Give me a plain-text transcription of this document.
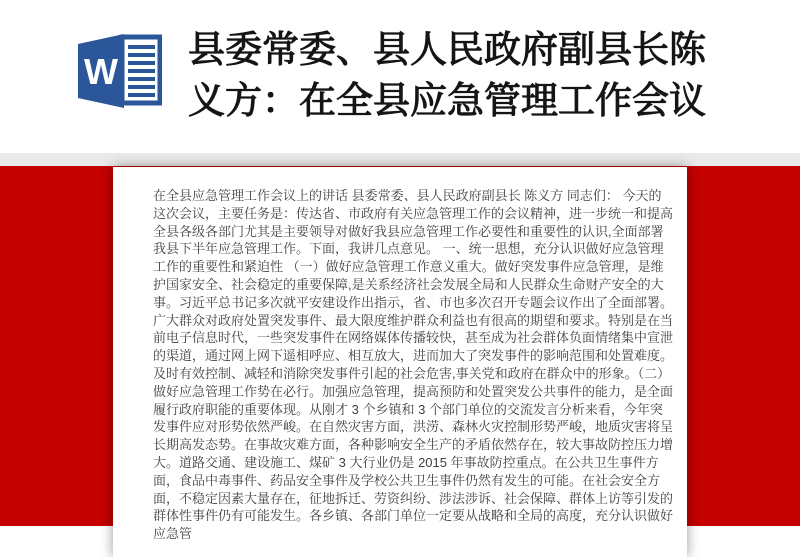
W
县委常委、县人民政府副县长陈
义方：在全县应急管理工作会议
在全县应急管理工作会议上的讲话 县委常委、县人民政府副县长 陈义方 同志们： 今天的这次会议，主要任务是：传达省、市政府有关应急管理工作的会议精神，进一步统一和提高全县各级各部门尤其是主要领导对做好我县应急管理工作必要性和重要性的认识,全面部署我县下半年应急管理工作。下面，我讲几点意见。 一、统一思想，充分认识做好应急管理工作的重要性和紧迫性 （一）做好应急管理工作意义重大。做好突发事件应急管理，是维护国家安全、社会稳定的重要保障,是关系经济社会发展全局和人民群众生命财产安全的大事。习近平总书记多次就平安建设作出指示，省、市也多次召开专题会议作出了全面部署。广大群众对政府处置突发事件、最大限度维护群众利益也有很高的期望和要求。特别是在当前电子信息时代，一些突发事件在网络媒体传播较快，甚至成为社会群体负面情绪集中宣泄的渠道，通过网上网下遥相呼应、相互放大，进而加大了突发事件的影响范围和处置难度。及时有效控制、减轻和消除突发事件引起的社会危害,事关党和政府在群众中的形象。（二）做好应急管理工作势在必行。加强应急管理，提高预防和处置突发公共事件的能力，是全面履行政府职能的重要体现。从刚才 3 个乡镇和 3 个部门单位的交流发言分析来看，今年突发事件应对形势依然严峻。在自然灾害方面，洪涝、森林火灾控制形势严峻，地质灾害将呈长期高发态势。在事故灾难方面，各种影响安全生产的矛盾依然存在，较大事故防控压力增大。道路交通、建设施工、煤矿 3 大行业仍是 2015 年事故防控重点。在公共卫生事件方面，食品中毒事件、药品安全事件及学校公共卫生事件仍然有发生的可能。在社会安全方面，不稳定因素大量存在，征地拆迁、劳资纠纷、涉法涉诉、社会保障、群体上访等引发的群体性事件仍有可能发生。各乡镇、各部门单位一定要从战略和全局的高度，充分认识做好应急管
